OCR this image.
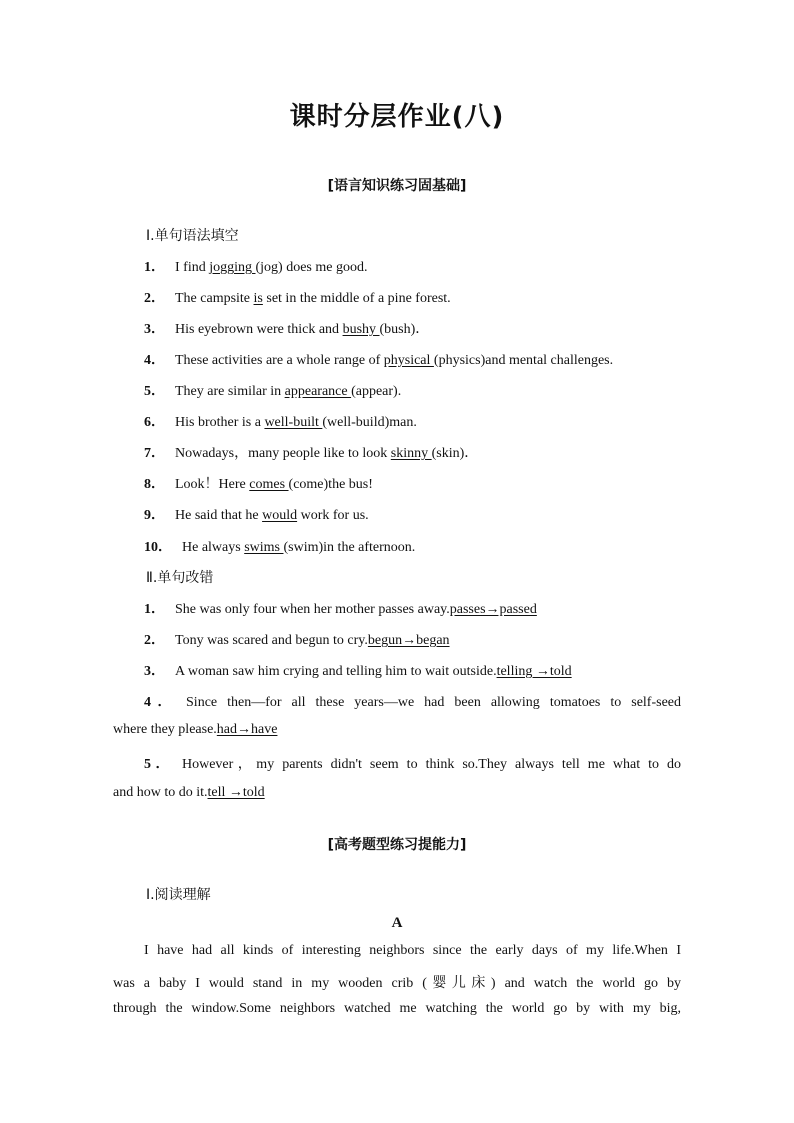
课时分层作业(八)
[语言知识练习固基础]
Ⅰ.单句语法填空
1． I find jogging (jog) does me good.
2． The campsite is set in the middle of a pine forest.
3． His eyebrown were thick and bushy (bush)．
4． These activities are a whole range of physical (physics)and mental challenges.
5． They are similar in appearance (appear).
6． His brother is a well-built (well-build)man.
7． Nowadays，many people like to look skinny (skin)．
8． Look！Here comes (come)the bus!
9． He said that he would work for us.
10． He always swims (swim)in the afternoon.
Ⅱ.单句改错
1． She was only four when her mother passes away.passes→passed
2． Tony was scared and begun to cry.begun→began
3． A woman saw him crying and telling him to wait outside.telling →told
4． Since then—for all these years—we had been allowing tomatoes to self-seed
where they please.had→have
5． However，my parents didn't seem to think so.They always tell me what to do
and how to do it.tell →told
[高考题型练习提能力]
Ⅰ.阅读理解
A
I have had all kinds of interesting neighbors since the early days of my life.When I
was a baby I would stand in my wooden crib (婴儿床) and watch the world go by
through the window.Some neighbors watched me watching the world go by with my big,
